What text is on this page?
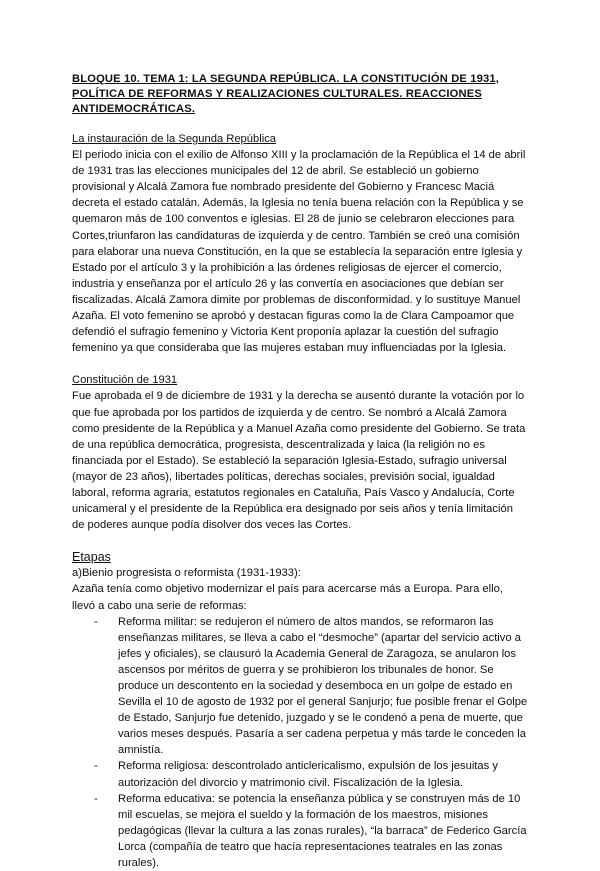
BLOQUE 10. TEMA 1: LA SEGUNDA REPÚBLICA. LA CONSTITUCIÓN DE 1931, POLÍTICA DE REFORMAS Y REALIZACIONES CULTURALES. REACCIONES ANTIDEMOCRÁTICAS.

La instauración de la Segunda República

El periodo inicia con el exilio de Alfonso XIII y la proclamación de la República el 14 de abril de 1931 tras las elecciones municipales del 12 de abril. Se estableció un gobierno provisional y Alcalá Zamora fue nombrado presidente del Gobierno y Francesc Maciá decreta el estado catalán. Además, la Iglesia no tenía buena relación con la República y se quemaron más de 100 conventos e iglesias. El 28 de junio se celebraron elecciones para Cortes,triunfaron las candidaturas de izquierda y de centro. También se creó una comisión para elaborar una nueva Constitución, en la que se establecía la separación entre Iglesia y Estado por el artículo 3 y la prohibición a las órdenes religiosas de ejercer el comercio, industria y enseñanza por el artículo 26 y las convertía en asociaciones que debían ser fiscalizadas. Alcalá Zamora dimite por problemas de disconformidad. y lo sustituye Manuel Azaña. El voto femenino se aprobó y destacan figuras como la de Clara Campoamor que defendió el sufragio femenino y Victoria Kent proponía aplazar la cuestión del sufragio femenino ya que consideraba que las mujeres estaban muy influenciadas por la Iglesia.

Constitución de 1931

Fue aprobada el 9 de diciembre de 1931 y la derecha se ausentó durante la votación por lo que fue aprobada por los partidos de izquierda y de centro. Se nombró a Alcalá Zamora como presidente de la República y a Manuel Azaña como presidente del Gobierno. Se trata de una república democrática, progresista, descentralizada y laica (la religión no es financiada por el Estado). Se estableció la separación Iglesia-Estado, sufragio universal (mayor de 23 años), libertades políticas, derechas sociales, previsión social, igualdad laboral, reforma agraria, estatutos regionales en Cataluña, País Vasco y Andalucía, Corte unicameral y el presidente de la República era designado por seis años y tenía limitación de poderes aunque podía disolver dos veces las Cortes.

Etapas

a)Bienio progresista o reformista (1931-1933):

Azaña tenía como objetivo modernizar el país para acercarse más a Europa. Para ello, llevó a cabo una serie de reformas:

- Reforma militar: se redujeron el número de altos mandos, se reformaron las enseñanzas militares, se lleva a cabo el “desmoche” (apartar del servicio activo a jefes y oficiales), se clausuró la Academia General de Zaragoza, se anularon los ascensos por méritos de guerra y se prohibieron los tribunales de honor. Se produce un descontento en la sociedad y desemboca en un golpe de estado en Sevilla el 10 de agosto de 1932 por el general Sanjurjo; fue posible frenar el Golpe de Estado, Sanjurjo fue detenido, juzgado y se le condenó a pena de muerte, que varios meses después. Pasaría a ser cadena perpetua y más tarde le conceden la amnistía.
- Reforma religiosa: descontrolado anticlericalismo, expulsión de los jesuitas y autorización del divorcio y matrimonio civil. Fiscalización de la Iglesia.
- Reforma educativa: se potencia la enseñanza pública y se construyen más de 10 mil escuelas, se mejora el sueldo y la formación de los maestros, misiones pedagógicas (llevar la cultura a las zonas rurales), “la barraca” de Federico García Lorca (compañía de teatro que hacía representaciones teatrales en las zonas rurales).
